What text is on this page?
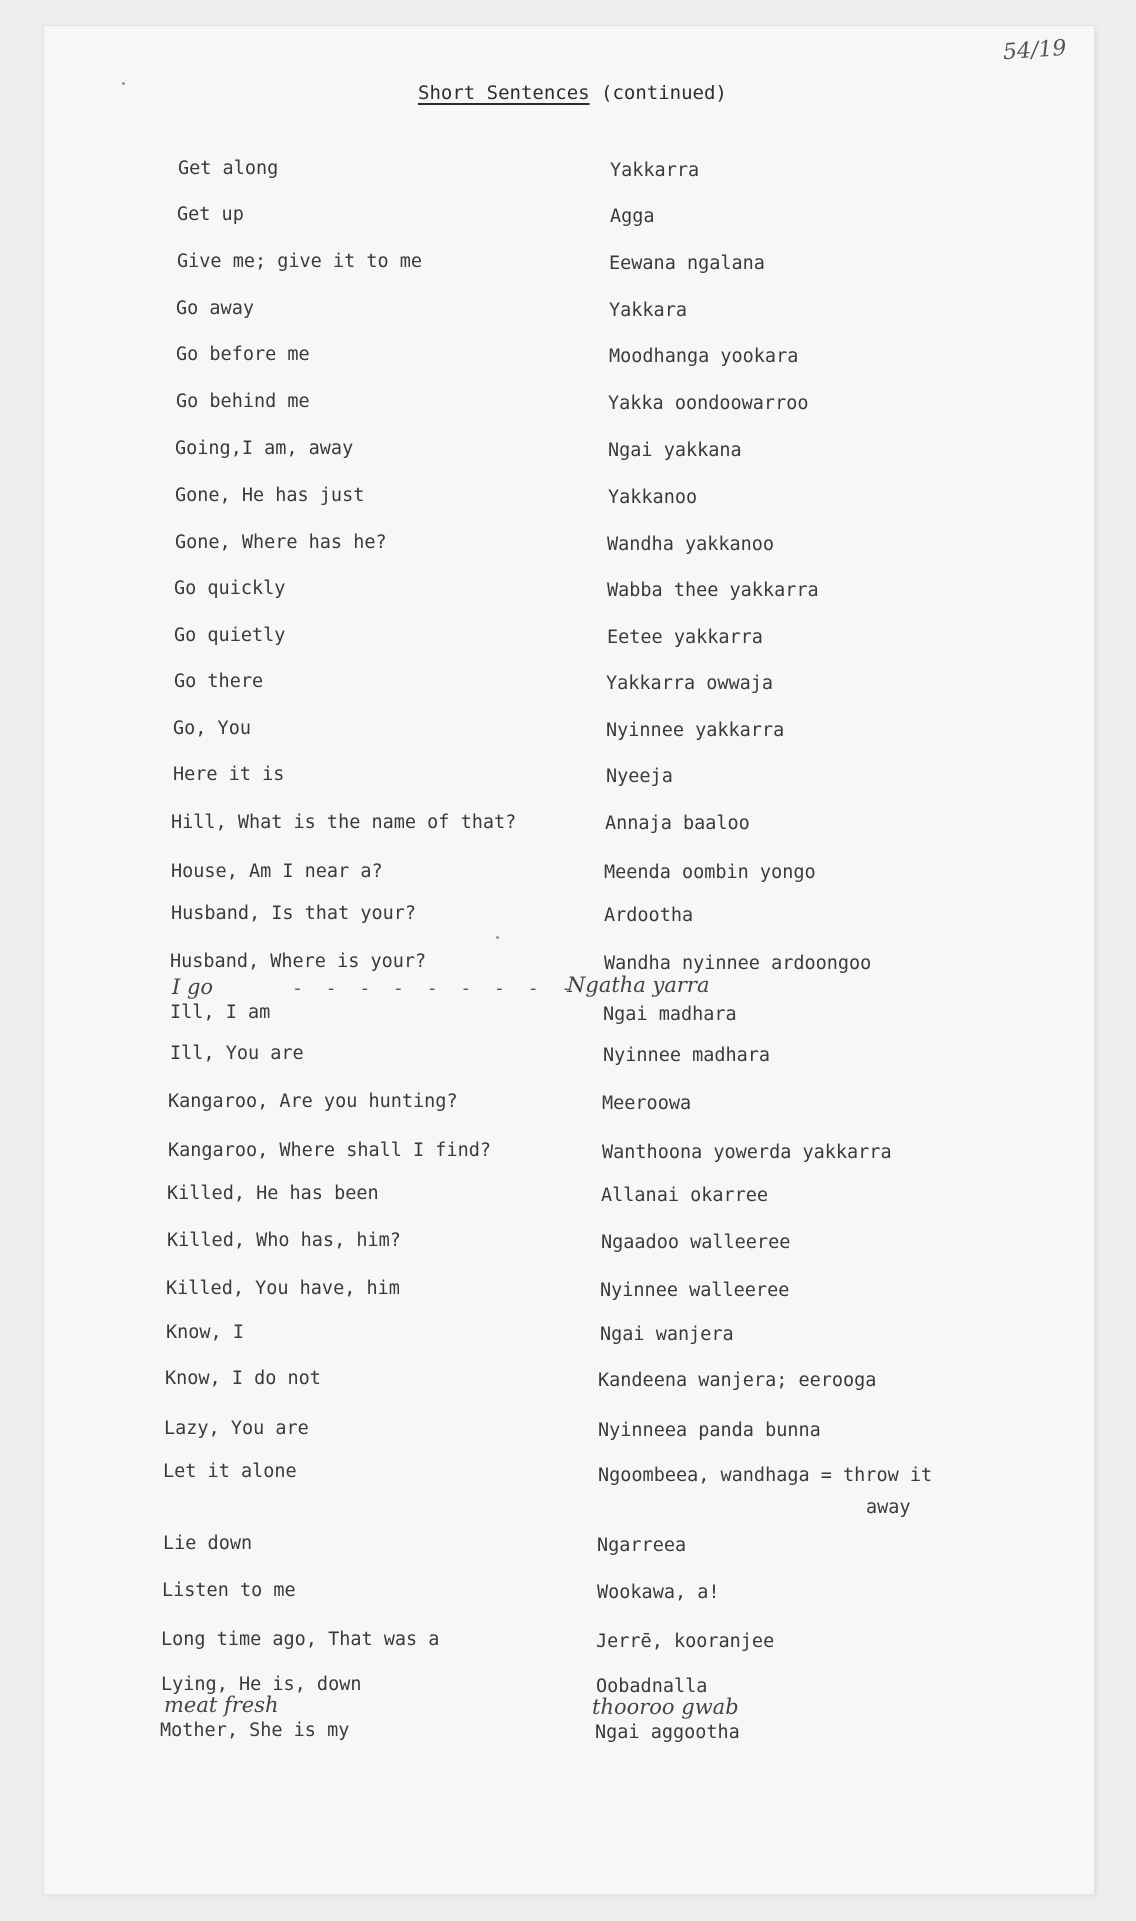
54/19
Short Sentences (continued)
Get along
Get up
Give me; give it to me
Go away
Go before me
Go behind me
Going,I am, away
Gone, He has just
Gone, Where has he?
Go quickly
Go quietly
Go there
Go, You
Here it is
Hill, What is the name of that?
House, Am I near a?
Husband, Is that your?
Husband, Where is your?
Ill, I am
Ill, You are
Kangaroo, Are you hunting?
Kangaroo, Where shall I find?
Killed, He has been
Killed, Who has, him?
Killed, You have, him
Know, I
Know, I do not
Lazy, You are
Let it alone
Lie down
Listen to me
Long time ago, That was a
Lying, He is, down
Mother, She is my
Yakkarra
Agga
Eewana ngalana
Yakkara
Moodhanga yookara
Yakka oondoowarroo
Ngai yakkana
Yakkanoo
Wandha yakkanoo
Wabba thee yakkarra
Eetee yakkarra
Yakkarra owwaja
Nyinnee yakkarra
Nyeeja
Annaja baaloo
Meenda oombin yongo
Ardootha
Wandha nyinnee ardoongoo
Ngai madhara
Nyinnee madhara
Meeroowa
Wanthoona yowerda yakkarra
Allanai okarree
Ngaadoo walleeree
Nyinnee walleeree
Ngai wanjera
Kandeena wanjera; eerooga
Nyinneea panda bunna
Ngoombeea, wandhaga = throw it
away
Ngarreea
Wookawa, a!
Jerrē, kooranjee
Oobadnalla
Ngai aggootha
I go	- - - - - - - - -
Ngatha yarra
meat fresh	thooroo gwab
